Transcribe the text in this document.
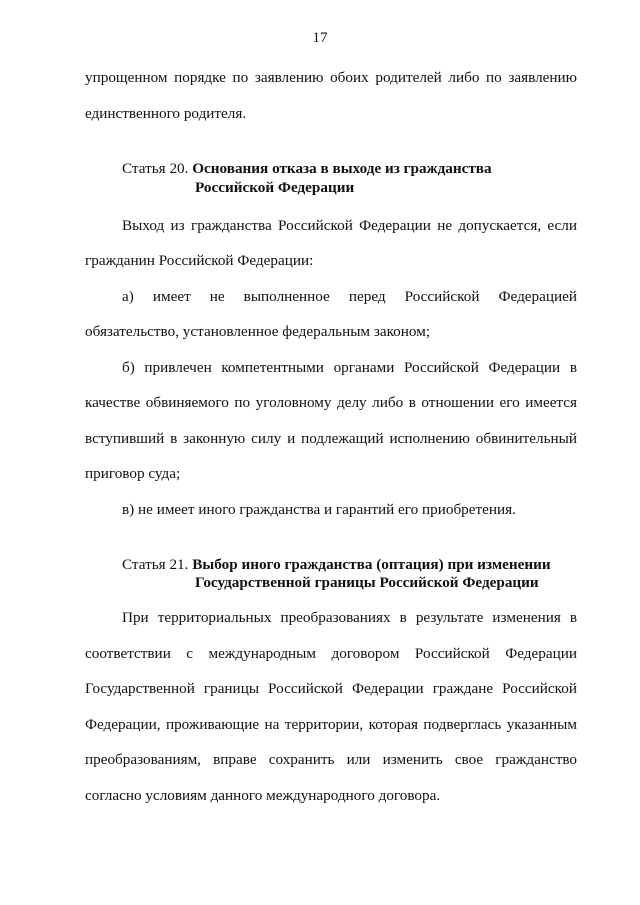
17
упрощенном порядке по заявлению обоих родителей либо по заявлению
единственного родителя.
Статья 20. Основания отказа в выходе из гражданства
Российской Федерации
Выход из гражданства Российской Федерации не допускается, если
гражданин Российской Федерации:
а) имеет не выполненное перед Российской Федерацией
обязательство, установленное федеральным законом;
б) привлечен компетентными органами Российской Федерации в
качестве обвиняемого по уголовному делу либо в отношении его имеется
вступивший в законную силу и подлежащий исполнению обвинительный
приговор суда;
в) не имеет иного гражданства и гарантий его приобретения.
Статья 21. Выбор иного гражданства (оптация) при изменении
Государственной границы Российской Федерации
При территориальных преобразованиях в результате изменения в
соответствии с международным договором Российской Федерации
Государственной границы Российской Федерации граждане Российской
Федерации, проживающие на территории, которая подверглась указанным
преобразованиям, вправе сохранить или изменить свое гражданство
согласно условиям данного международного договора.
